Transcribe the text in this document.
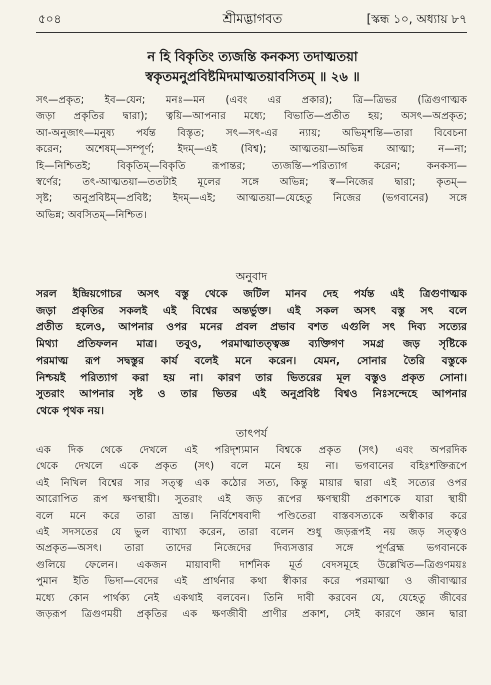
৫০৪	শ্রীমদ্ভাগবত	[স্কন্ধ ১০, অধ্যায় ৮৭
ন হি বিকৃতিং ত্যজন্তি কনকস্য তদাত্মতয়া
স্বকৃতমনুপ্রবিষ্টমিদমাত্মতয়াবসিতম্ ॥ ২৬ ॥
সৎ—প্রকৃত; ইব—যেন; মনঃ—মন (এবং এর প্রকার); ত্রি—ত্রিভর (ত্রিগুণাত্মক
জড়া প্রকৃতির দ্বারা); ত্বয়ি—আপনার মধ্যে; বিভাতি—প্রতীত হয়; অসৎ—অপ্রকৃত;
আ-অনুজাৎ—মনুষ্য পর্যন্ত বিস্তৃত; সৎ—সৎ-এর ন্যায়; অভিমৃশন্তি—তারা বিবেচনা
করেন; অশেষম্—সম্পূর্ণ; ইদম্—এই (বিশ্ব); আত্মতয়া—অভিন্ন আত্মা; ন—না;
হি—নিশ্চিতই; বিকৃতিম্—বিকৃতি রূপান্তর; ত্যজন্তি—পরিত্যাগ করেন; কনকস্য—
স্বর্ণের; তৎ-আত্মতয়া—ততটাই মূলের সঙ্গে অভিন্ন; স্ব—নিজের দ্বারা; কৃতম্—
সৃষ্ট; অনুপ্রবিষ্টম্—প্রবিষ্ট; ইদম্—এই; আত্মতয়া—যেহেতু নিজের (ভগবানের) সঙ্গে
অভিন্ন; অবসিতম্—নিশ্চিত।
অনুবাদ
সরল ইন্দ্রিয়গোচর অসৎ বস্তু থেকে জটিল মানব দেহ পর্যন্ত এই ত্রিগুণাত্মক
জড়া প্রকৃতির সকলই এই বিশ্বের অন্তর্ভুক্ত। এই সকল অসৎ বস্তু সৎ বলে
প্রতীত হলেও, আপনার ওপর মনের প্রবল প্রভাব বশত এগুলি সৎ দিব্য সত্যের
মিথ্যা প্রতিফলন মাত্র। তবুও, পরমাত্মাতত্ত্বজ্ঞ ব্যক্তিগণ সমগ্র জড় সৃষ্টিকে
পরমাত্ম রূপ সদ্বস্তুর কার্য বলেই মনে করেন। যেমন, সোনার তৈরি বস্তুকে
নিশ্চয়ই পরিত্যাগ করা হয় না। কারণ তার ভিতরের মূল বস্তুও প্রকৃত সোনা।
সুতরাং আপনার সৃষ্ট ও তার ভিতর এই অনুপ্রবিষ্ট বিশ্বও নিঃসন্দেহে আপনার
থেকে পৃথক নয়।
তাৎপর্য
এক দিক থেকে দেখলে এই পরিদৃশ্যমান বিশ্বকে প্রকৃত (সৎ) এবং অপরদিক
থেকে দেখলে একে প্রকৃত (সৎ) বলে মনে হয় না। ভগবানের বহিঃশক্তিরূপে
এই নিখিল বিশ্বের সার সত্ত্ব এক কঠোর সত্য, কিন্তু মায়ার দ্বারা এই সত্যের ওপর
আরোপিত রূপ ক্ষণস্থায়ী। সুতরাং এই জড় রূপের ক্ষণস্থায়ী প্রকাশকে যারা স্থায়ী
বলে মনে করে তারা ভ্রান্ত। নির্বিশেষবাদী পণ্ডিতেরা বাস্তবসত্যকে অস্বীকার করে
এই সদসতের যে ভুল ব্যাখ্যা করেন, তারা বলেন শুধু জড়রূপই নয় জড় সত্ত্বও
অপ্রকৃত—অসৎ। তারা তাদের নিজেদের দিব্যসত্তার সঙ্গে পূর্ণব্রহ্ম ভগবানকে
গুলিয়ে ফেলেন। একজন মায়াবাদী দার্শনিক মূর্ত বেদসমূহে উল্লেখিত—ত্রিগুণময়ঃ
পুমান ইতি ভিদা—বেদের এই প্রার্থনার কথা স্বীকার করে পরমাত্মা ও জীবাত্মার
মধ্যে কোন পার্থক্য নেই একথাই বলবেন। তিনি দাবী করবেন যে, যেহেতু জীবের
জড়রূপ ত্রিগুণময়ী প্রকৃতির এক ক্ষণজীবী প্রাণীর প্রকাশ, সেই কারণে জ্ঞান দ্বারা
